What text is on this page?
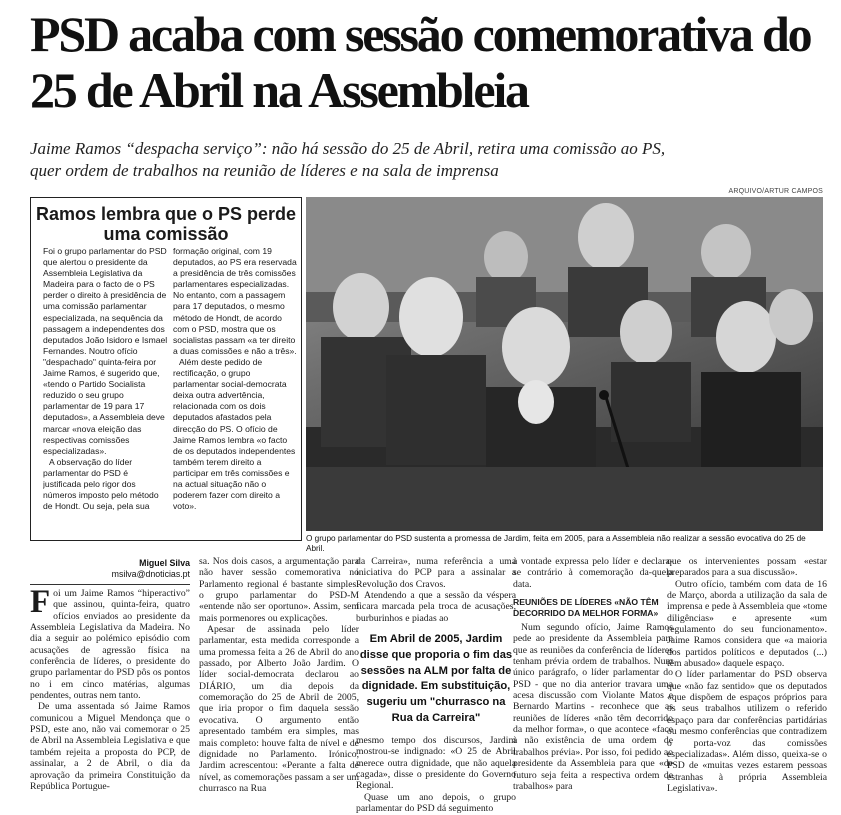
PSD acaba com sessão comemorativa do 25 de Abril na Assembleia
Jaime Ramos “despacha serviço”: não há sessão do 25 de Abril, retira uma comissão ao PS, quer ordem de trabalhos na reunião de líderes e na sala de imprensa
ARQUIVO/ARTUR CAMPOS
Ramos lembra que o PS perde uma comissão

Foi o grupo parlamentar do PSD que alertou o presidente da Assembleia Legislativa da Madeira para o facto de o PS perder o direito à presidência de uma comissão parlamentar especializada, na sequência da passagem a independentes dos deputados João Isidoro e Ismael Fernandes. Noutro ofício "despachado" quinta-feira por Jaime Ramos, é sugerido que, «tendo o Partido Socialista reduzido o seu grupo parlamentar de 19 para 17 deputados», a Assembleia deve marcar «nova eleição das respectivas comissões especializadas».

A observação do líder parlamentar do PSD é justificada pelo rigor dos números imposto pelo método de Hondt. Ou seja, pela sua

formação original, com 19 deputados, ao PS era reservada a presidência de três comissões parlamentares especializadas. No entanto, com a passagem para 17 deputados, o mesmo método de Hondt, de acordo com o PSD, mostra que os socialistas passam «a ter direito a duas comissões e não a três».

Além deste pedido de rectificação, o grupo parlamentar social-democrata deixa outra advertência, relacionada com os dois deputados afastados pela direcção do PS. O ofício de Jaime Ramos lembra «o facto de os deputados independentes também terem direito a participar em três comissões e na actual situação não o poderem fazer com direito a voto».

O grupo parlamentar do PSD sustenta a promessa de Jardim, feita em 2005, para a Assembleia não realizar a sessão evocativa do 25 de Abril.
Miguel Silva
msilva@dnoticias.pt

Foi um Jaime Ramos “hiperactivo” que assinou, quinta-feira, quatro ofícios enviados ao presidente da Assembleia Legislativa da Madeira. No dia a seguir ao polémico episódio com acusações de agressão física na conferência de líderes, o presidente do grupo parlamentar do PSD pôs os pontos no i em cinco matérias, algumas pendentes, outras nem tanto.

De uma assentada só Jaime Ramos comunicou a Miguel Mendonça que o PSD, este ano, não vai comemorar o 25 de Abril na Assembleia Legislativa e que também rejeita a proposta do PCP, de assinalar, a 2 de Abril, o dia da aprovação da primeira Constituição da República Portugue-

sa. Nos dois casos, a argumentação para não haver sessão comemorativa no Parlamento regional é bastante simples: o grupo parlamentar do PSD-M «entende não ser oportuno». Assim, sem mais pormenores ou explicações.

Apesar de assinada pelo líder parlamentar, esta medida corresponde a uma promessa feita a 26 de Abril do ano passado, por Alberto João Jardim. O líder social-democrata declarou ao DIÁRIO, um dia depois da comemoração do 25 de Abril de 2005, que iria propor o fim daquela sessão evocativa. O argumento então apresentado também era simples, mas mais completo: houve falta de nível e de dignidade no Parlamento. Irónico, Jardim acrescentou: «Perante a falta de nível, as comemorações passam a ser um churrasco na Rua

da Carreira», numa referência a uma iniciativa do PCP para a assinalar a Revolução dos Cravos.

Atendendo a que a sessão da véspera ficara marcada pela troca de acusações, burburinhos e piadas ao

Em Abril de 2005, Jardim disse que proporia o fim das sessões na ALM por falta de dignidade. Em substituição, sugeriu um "churrasco na Rua da Carreira"

mesmo tempo dos discursos, Jardim mostrou-se indignado: «O 25 de Abril merece outra dignidade, que não aquela cagada», disse o presidente do Governo Regional.

Quase um ano depois, o grupo parlamentar do PSD dá seguimento

à vontade expressa pelo líder e declara-se contrário à comemoração da-quela data.

REUNIÕES DE LÍDERES «NÃO TÊM DECORRIDO DA MELHOR FORMA»

Num segundo ofício, Jaime Ramos pede ao presidente da Assembleia para que as reuniões da conferência de líderes tenham prévia ordem de trabalhos. Num único parágrafo, o líder parlamentar do PSD - que no dia anterior travara uma acesa discussão com Violante Matos e Bernardo Martins - reconhece que as reuniões de líderes «não têm decorrido da melhor forma», o que acontece «face à não existência de uma ordem de trabalhos prévia». Por isso, foi pedido ao presidente da Assembleia para que «de futuro seja feita a respectiva ordem de trabalhos» para

que os intervenientes possam «estar preparados para a sua discussão».

Outro ofício, também com data de 16 de Março, aborda a utilização da sala de imprensa e pede à Assembleia que «tome diligências» e apresente «um regulamento do seu funcionamento». Jaime Ramos considera que «a maioria dos partidos políticos e deputados (...) têm abusado» daquele espaço.

O líder parlamentar do PSD observa que «não faz sentido» que os deputados «que dispõem de espaços próprios para os seus trabalhos utilizem o referido espaço para dar conferências partidárias ou mesmo conferências que contradizem o porta-voz das comissões especializadas». Além disso, queixa-se o PSD de «muitas vezes estarem pessoas estranhas à própria Assembleia Legislativa».
